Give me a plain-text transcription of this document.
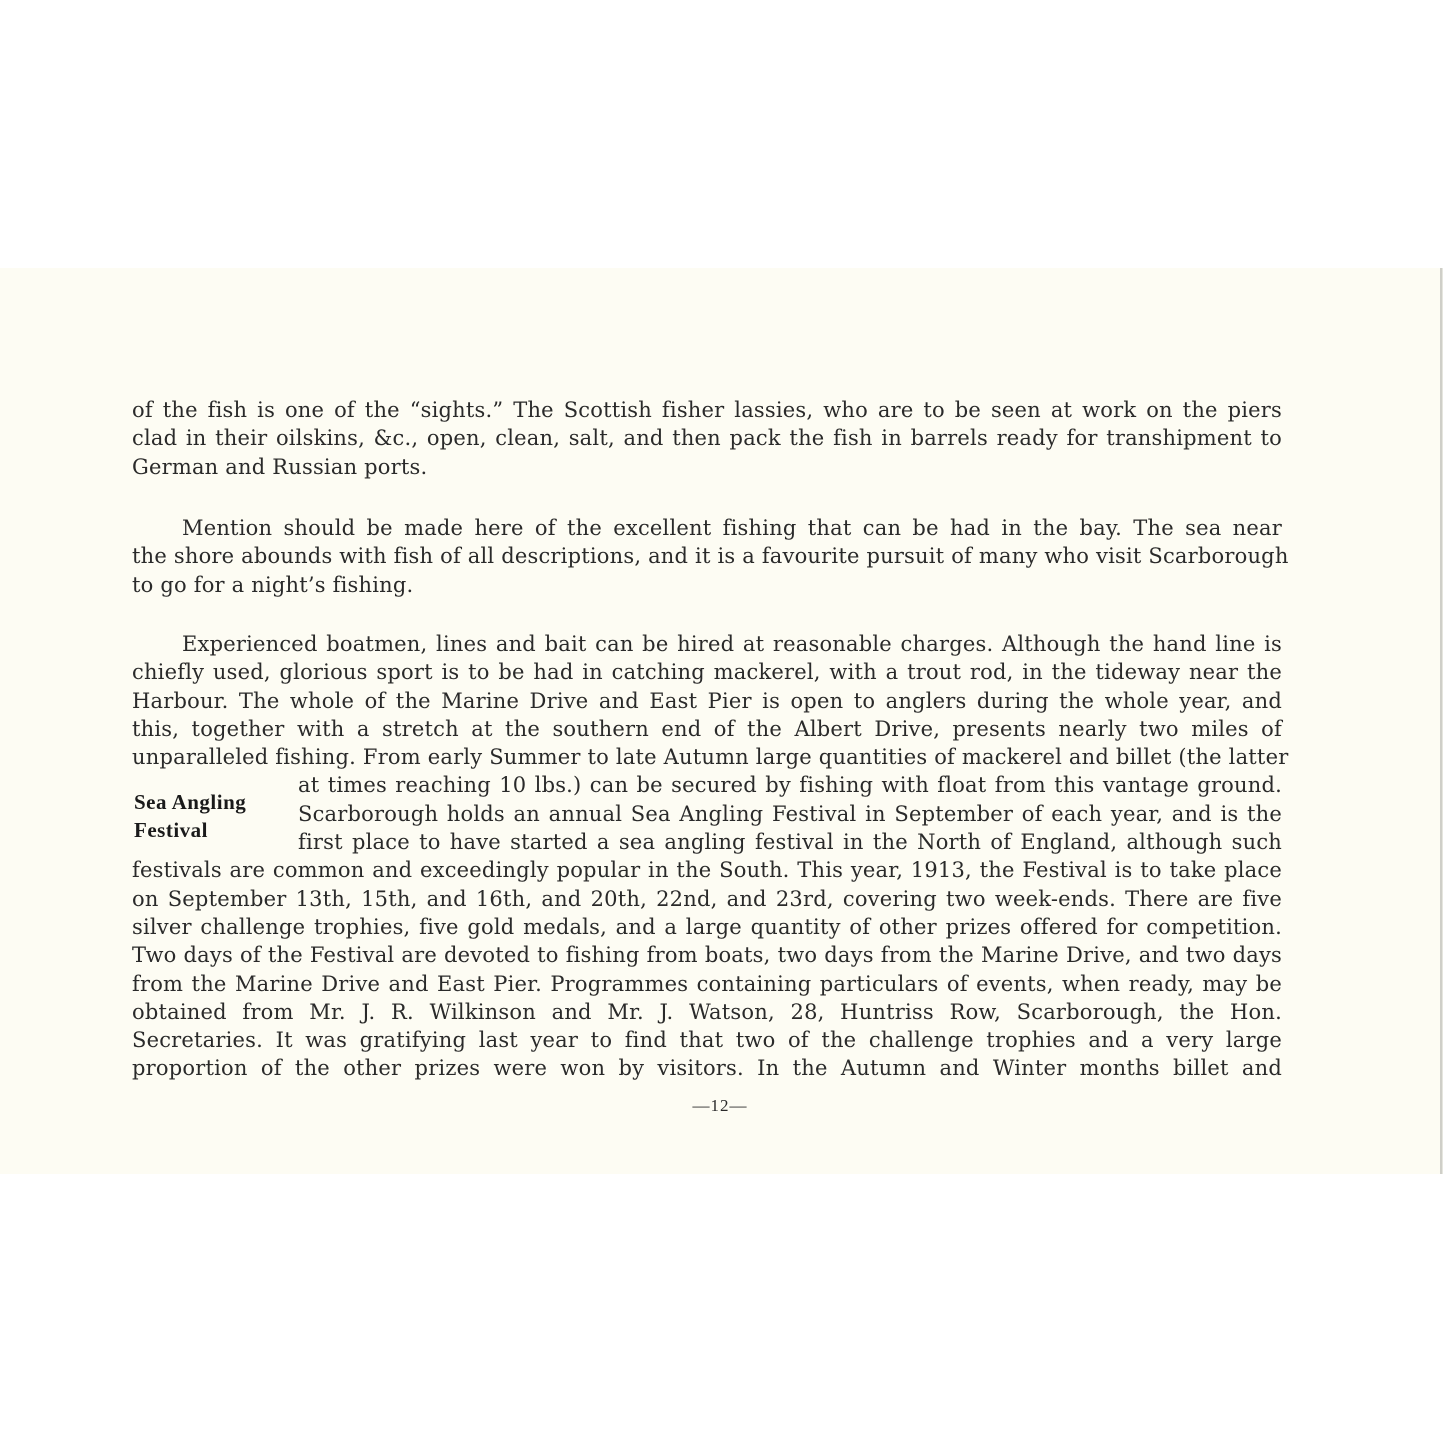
of the fish is one of the “sights.” The Scottish fisher lassies, who are to be seen at work on the piers
clad in their oilskins, &c., open, clean, salt, and then pack the fish in barrels ready for transhipment to
German and Russian ports.
Mention should be made here of the excellent fishing that can be had in the bay. The sea near
the shore abounds with fish of all descriptions, and it is a favourite pursuit of many who visit Scarborough
to go for a night’s fishing.
Experienced boatmen, lines and bait can be hired at reasonable charges. Although the hand line is
chiefly used, glorious sport is to be had in catching mackerel, with a trout rod, in the tideway near the
Harbour. The whole of the Marine Drive and East Pier is open to anglers during the whole year, and
this, together with a stretch at the southern end of the Albert Drive, presents nearly two miles of
unparalleled fishing. From early Summer to late Autumn large quantities of mackerel and billet (the latter
at times reaching 10 lbs.) can be secured by fishing with float from this vantage ground.
Scarborough holds an annual Sea Angling Festival in September of each year, and is the
first place to have started a sea angling festival in the North of England, although such
festivals are common and exceedingly popular in the South. This year, 1913, the Festival is to take place
on September 13th, 15th, and 16th, and 20th, 22nd, and 23rd, covering two week-ends. There are five
silver challenge trophies, five gold medals, and a large quantity of other prizes offered for competition.
Two days of the Festival are devoted to fishing from boats, two days from the Marine Drive, and two days
from the Marine Drive and East Pier. Programmes containing particulars of events, when ready, may be
obtained from Mr. J. R. Wilkinson and Mr. J. Watson, 28, Huntriss Row, Scarborough, the Hon.
Secretaries. It was gratifying last year to find that two of the challenge trophies and a very large
proportion of the other prizes were won by visitors. In the Autumn and Winter months billet and
Sea Angling
Festival
—12—
